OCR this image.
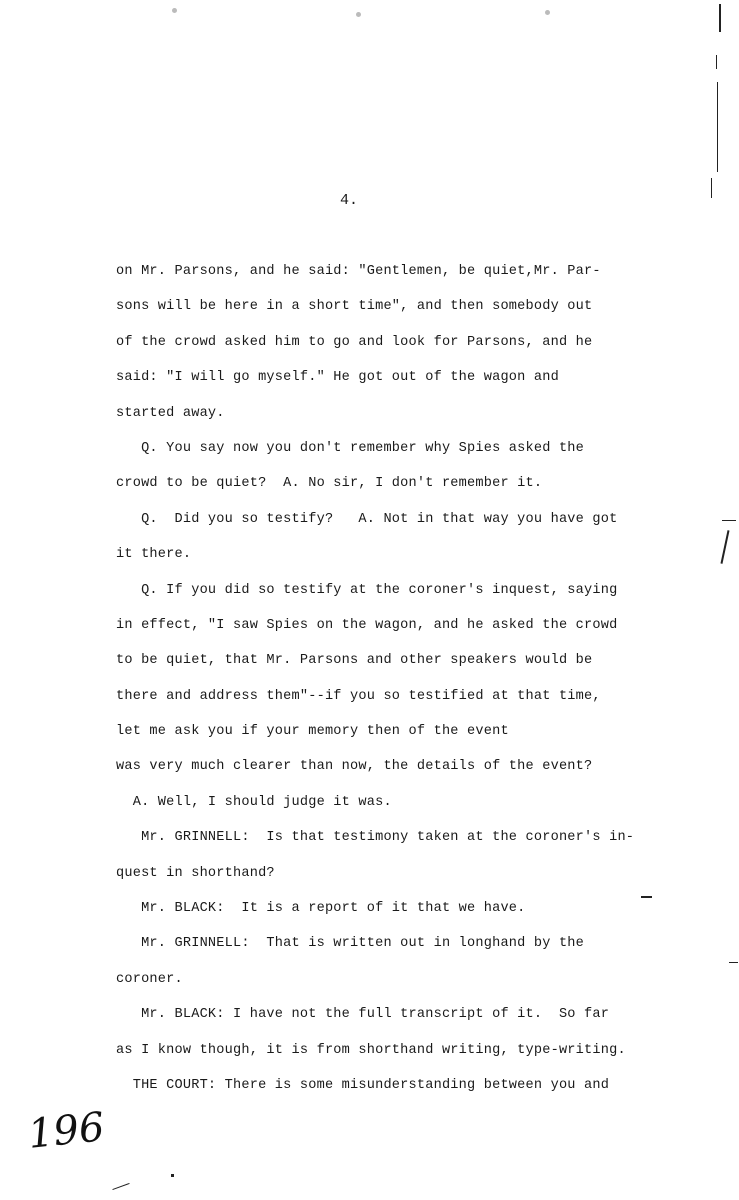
4.
on Mr. Parsons, and he said: "Gentlemen, be quiet,Mr. Par-
sons will be here in a short time", and then somebody out
of the crowd asked him to go and look for Parsons, and he
said: "I will go myself." He got out of the wagon and
started away.
Q. You say now you don't remember why Spies asked the
crowd to be quiet?  A. No sir, I don't remember it.
Q.  Did you so testify?   A. Not in that way you have got
it there.
Q. If you did so testify at the coroner's inquest, saying
in effect, "I saw Spies on the wagon, and he asked the crowd
to be quiet, that Mr. Parsons and other speakers would be
there and address them"--if you so testified at that time,
let me ask you if your memory then of the event
was very much clearer than now, the details of the event?
A. Well, I should judge it was.
Mr. GRINNELL:  Is that testimony taken at the coroner's in-
quest in shorthand?
Mr. BLACK:  It is a report of it that we have.
Mr. GRINNELL:  That is written out in longhand by the
coroner.
Mr. BLACK: I have not the full transcript of it.  So far
as I know though, it is from shorthand writing, type-writing.
THE COURT: There is some misunderstanding between you and
196
